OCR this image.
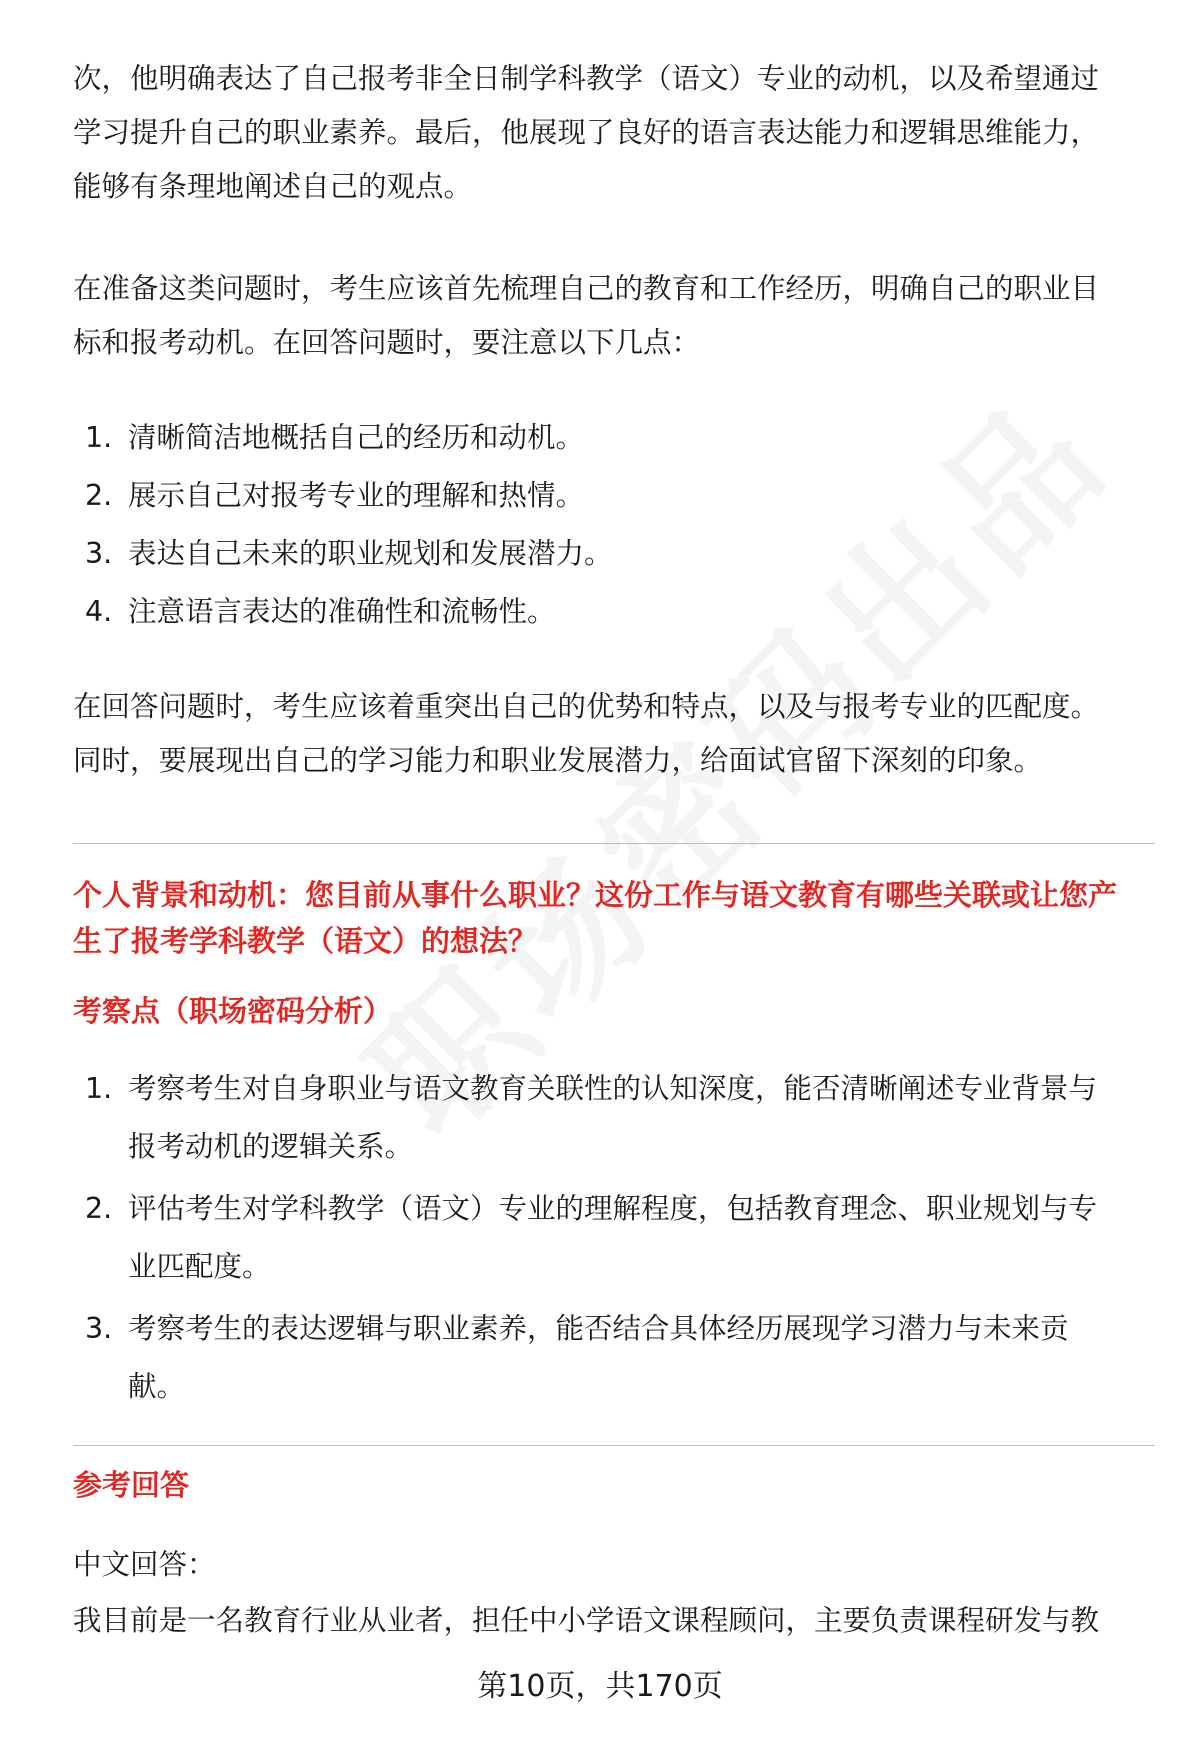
次，他明确表达了自己报考非全日制学科教学（语文）专业的动机，以及希望通过
学习提升自己的职业素养。最后，他展现了良好的语言表达能力和逻辑思维能力，
能够有条理地阐述自己的观点。
在准备这类问题时，考生应该首先梳理自己的教育和工作经历，明确自己的职业目
标和报考动机。在回答问题时，要注意以下几点：
1. 清晰简洁地概括自己的经历和动机。
2. 展示自己对报考专业的理解和热情。
3. 表达自己未来的职业规划和发展潜力。
4. 注意语言表达的准确性和流畅性。
在回答问题时，考生应该着重突出自己的优势和特点，以及与报考专业的匹配度。
同时，要展现出自己的学习能力和职业发展潜力，给面试官留下深刻的印象。
个人背景和动机：您目前从事什么职业？这份工作与语文教育有哪些关联或让您产
生了报考学科教学（语文）的想法？
考察点（职场密码分析）
1. 考察考生对自身职业与语文教育关联性的认知深度，能否清晰阐述专业背景与
报考动机的逻辑关系。
2. 评估考生对学科教学（语文）专业的理解程度，包括教育理念、职业规划与专
业匹配度。
3. 考察考生的表达逻辑与职业素养，能否结合具体经历展现学习潜力与未来贡
献。
参考回答
中文回答：
我目前是一名教育行业从业者，担任中小学语文课程顾问，主要负责课程研发与教
第10页，共170页
